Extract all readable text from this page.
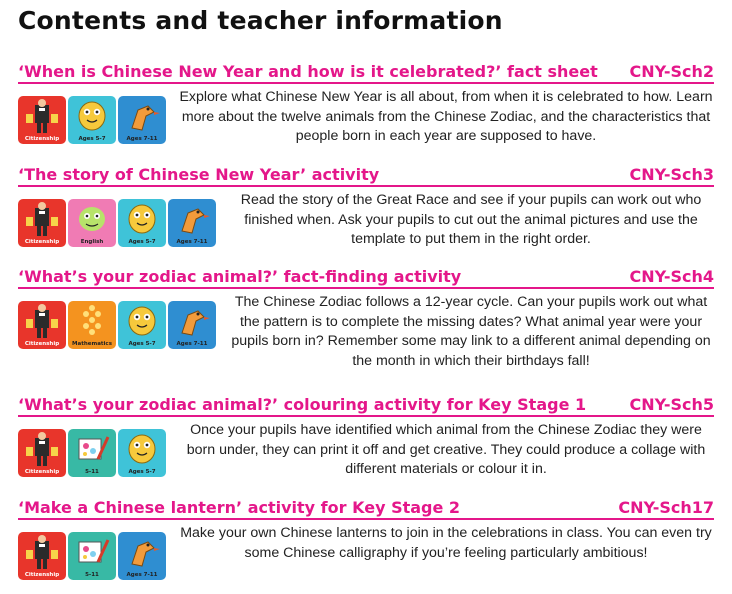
Contents and teacher information
‘When is Chinese New Year and how is it celebrated?’ fact sheet CNY-Sch2
Citizenship	Ages 5-7	Ages 7-11

Explore what Chinese New Year is all about, from when it is celebrated to how. Learn more about the twelve animals from the Chinese Zodiac, and the characteristics that people born in each year are supposed to have.

‘The story of Chinese New Year’ activity	CNY-Sch3
Citizenship	English	Ages 5-7	Ages 7-11

Read the story of the Great Race and see if your pupils can work out who finished when. Ask your pupils to cut out the animal pictures and use the template to put them in the right order.

‘What’s your zodiac animal?’ fact-finding activity	CNY-Sch4
Citizenship	Mathematics	Ages 5-7	Ages 7-11

The Chinese Zodiac follows a 12-year cycle. Can your pupils work out what the pattern is to complete the missing dates? What animal year were your pupils born in? Remember some may link to a different animal depending on the month in which their birthdays fall!

‘What’s your zodiac animal?’ colouring activity for Key Stage 1	CNY-Sch5
Citizenship	5-11	Ages 5-7

Once your pupils have identified which animal from the Chinese Zodiac they were born under, they can print it off and get creative. They could produce a collage with different materials or colour it in.

‘Make a Chinese lantern’ activity for Key Stage 2	CNY-Sch17
Citizenship	5-11	Ages 7-11

Make your own Chinese lanterns to join in the celebrations in class. You can even try some Chinese calligraphy if you’re feeling particularly ambitious!
